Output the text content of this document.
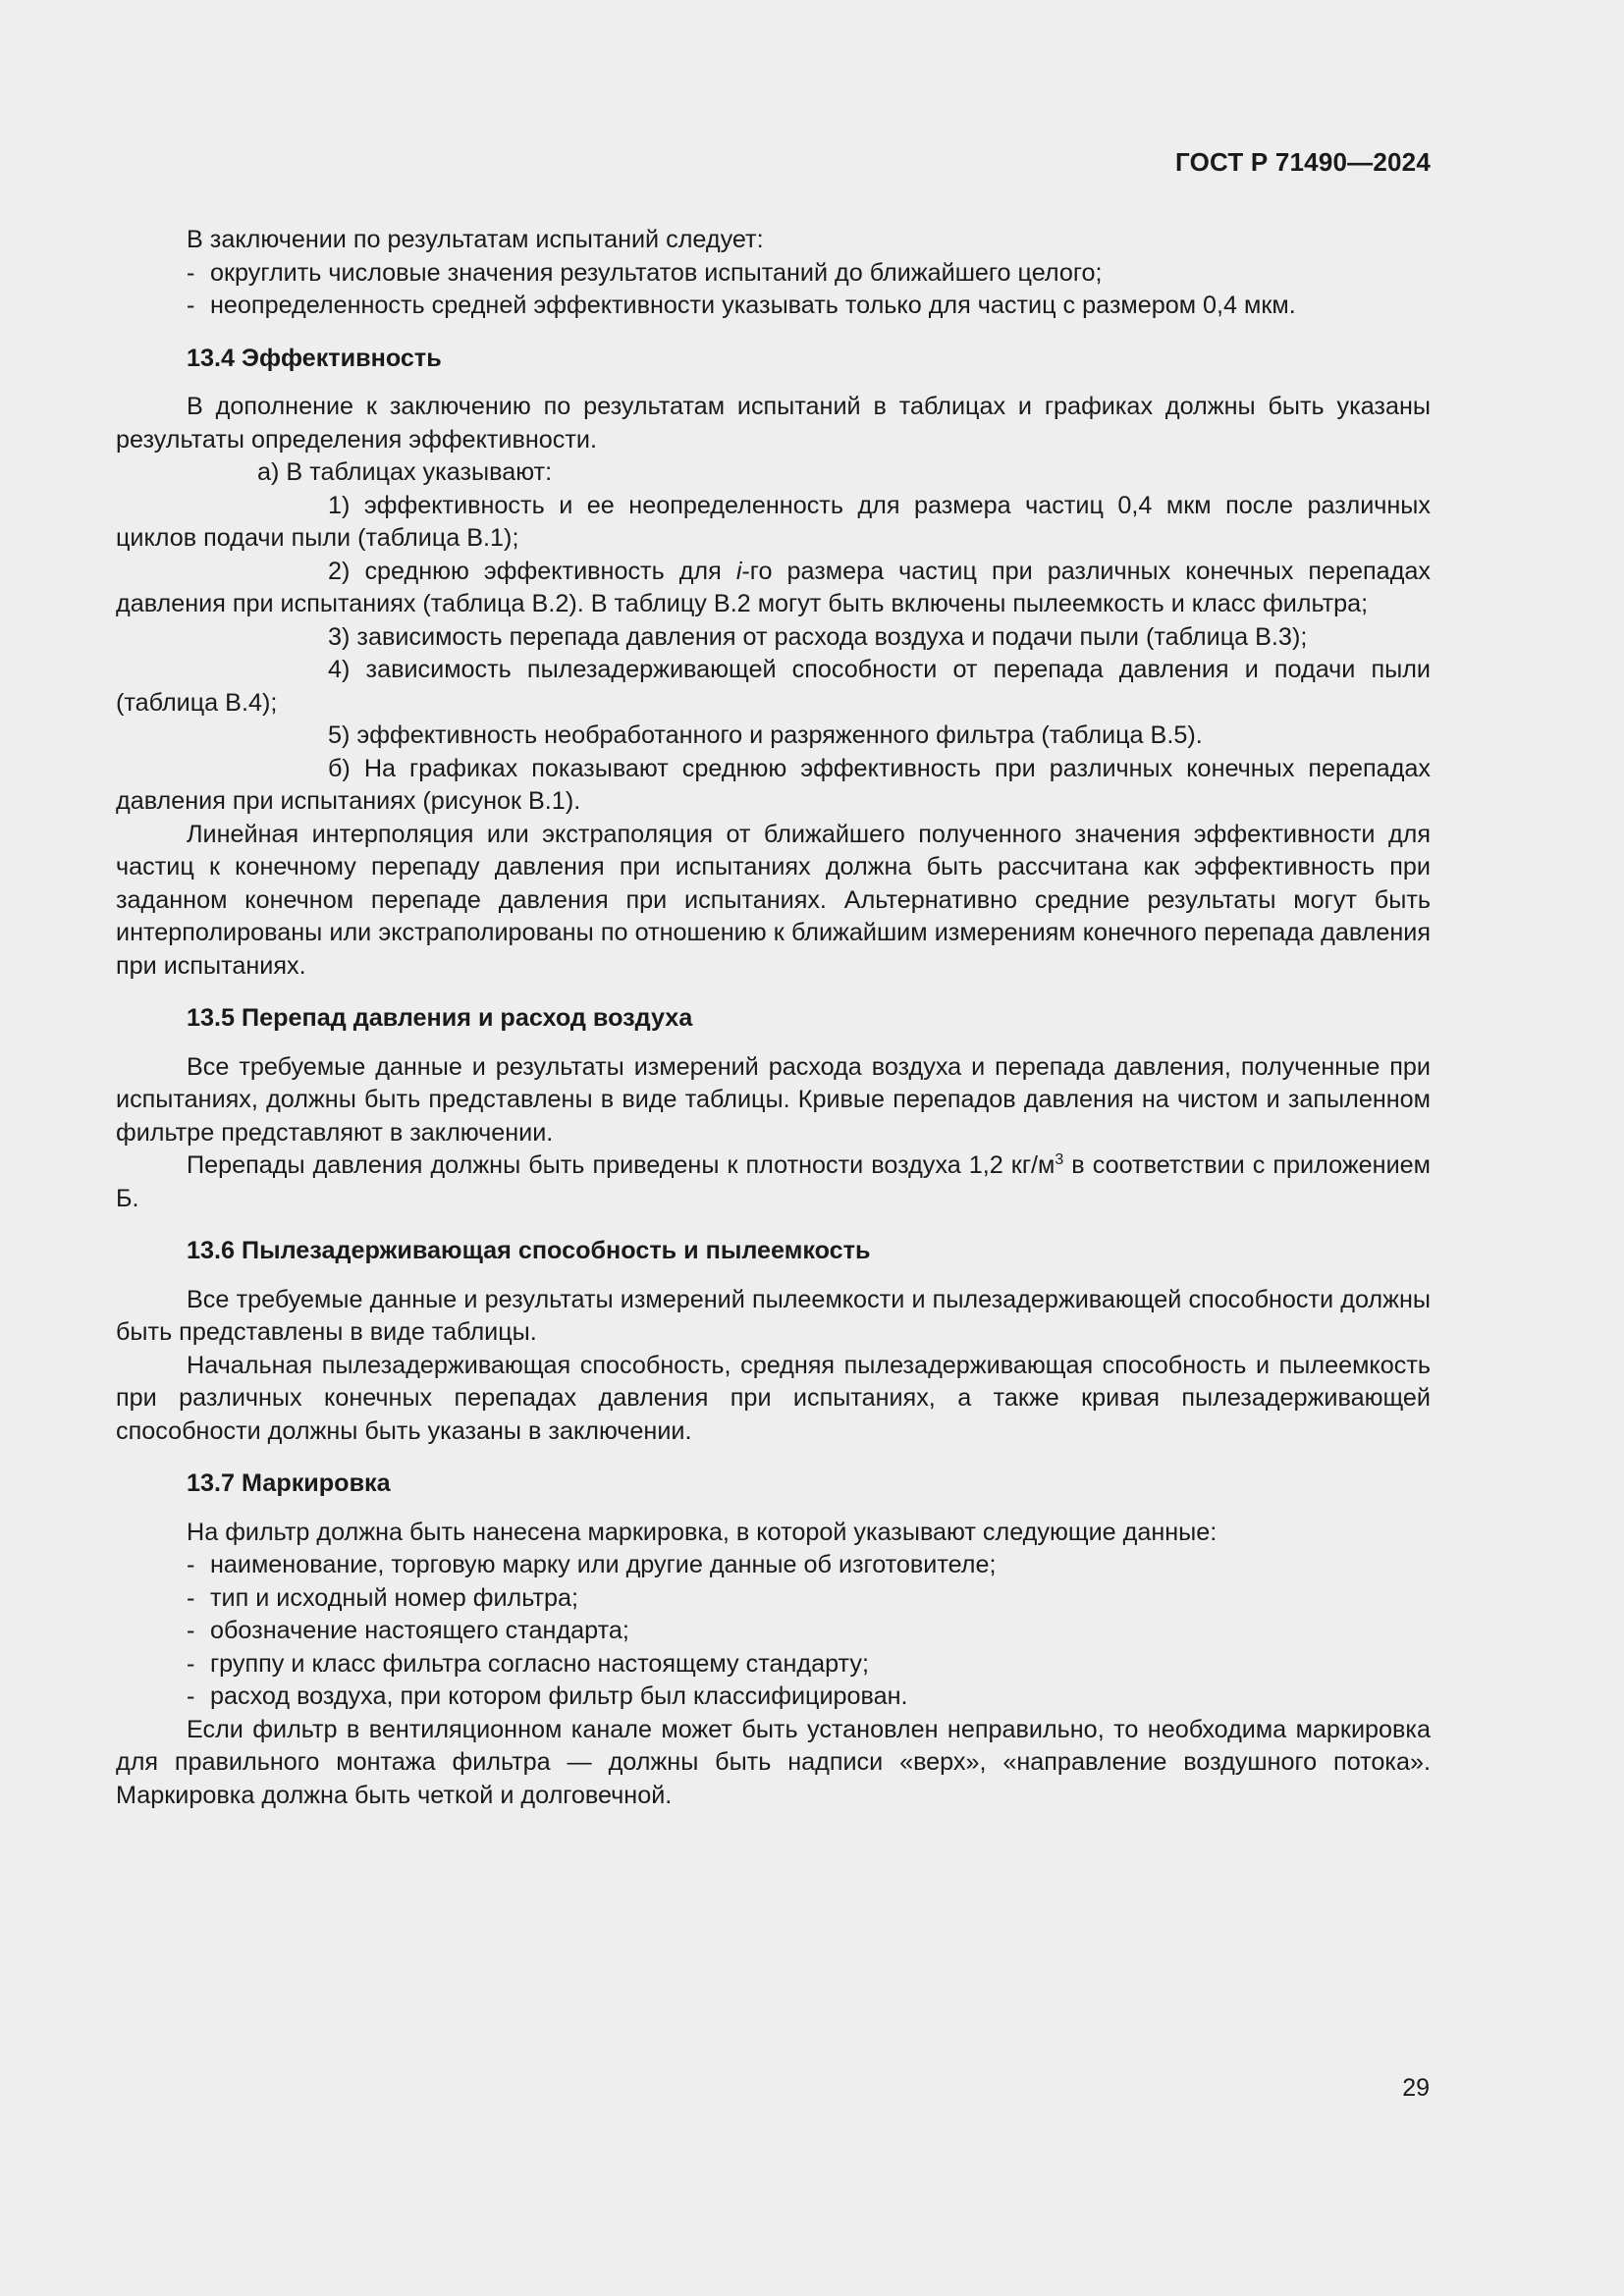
ГОСТ Р 71490—2024

В заключении по результатам испытаний следует:

- округлить числовые значения результатов испытаний до ближайшего целого;

- неопределенность средней эффективности указывать только для частиц с размером 0,4 мкм.

13.4 Эффективность

В дополнение к заключению по результатам испытаний в таблицах и графиках должны быть указаны результаты определения эффективности.

а) В таблицах указывают:

1) эффективность и ее неопределенность для размера частиц 0,4 мкм после различных циклов подачи пыли (таблица В.1);

2) среднюю эффективность для i-го размера частиц при различных конечных перепадах давления при испытаниях (таблица В.2). В таблицу В.2 могут быть включены пылеемкость и класс фильтра;

3) зависимость перепада давления от расхода воздуха и подачи пыли (таблица В.3);

4) зависимость пылезадерживающей способности от перепада давления и подачи пыли (таблица В.4);

5) эффективность необработанного и разряженного фильтра (таблица В.5).

б) На графиках показывают среднюю эффективность при различных конечных перепадах давления при испытаниях (рисунок В.1).

Линейная интерполяция или экстраполяция от ближайшего полученного значения эффективности для частиц к конечному перепаду давления при испытаниях должна быть рассчитана как эффективность при заданном конечном перепаде давления при испытаниях. Альтернативно средние результаты могут быть интерполированы или экстраполированы по отношению к ближайшим измерениям конечного перепада давления при испытаниях.

13.5 Перепад давления и расход воздуха

Все требуемые данные и результаты измерений расхода воздуха и перепада давления, полученные при испытаниях, должны быть представлены в виде таблицы. Кривые перепадов давления на чистом и запыленном фильтре представляют в заключении.

Перепады давления должны быть приведены к плотности воздуха 1,2 $кг/м^3$ в соответствии с приложением Б.

13.6 Пылезадерживающая способность и пылеемкость

Все требуемые данные и результаты измерений пылеемкости и пылезадерживающей способности должны быть представлены в виде таблицы.

Начальная пылезадерживающая способность, средняя пылезадерживающая способность и пылеемкость при различных конечных перепадах давления при испытаниях, а также кривая пылезадерживающей способности должны быть указаны в заключении.

13.7 Маркировка

На фильтр должна быть нанесена маркировка, в которой указывают следующие данные:

- наименование, торговую марку или другие данные об изготовителе;

- тип и исходный номер фильтра;

- обозначение настоящего стандарта;

- группу и класс фильтра согласно настоящему стандарту;

- расход воздуха, при котором фильтр был классифицирован.

Если фильтр в вентиляционном канале может быть установлен неправильно, то необходима маркировка для правильного монтажа фильтра — должны быть надписи «верх», «направление воздушного потока». Маркировка должна быть четкой и долговечной.

29
